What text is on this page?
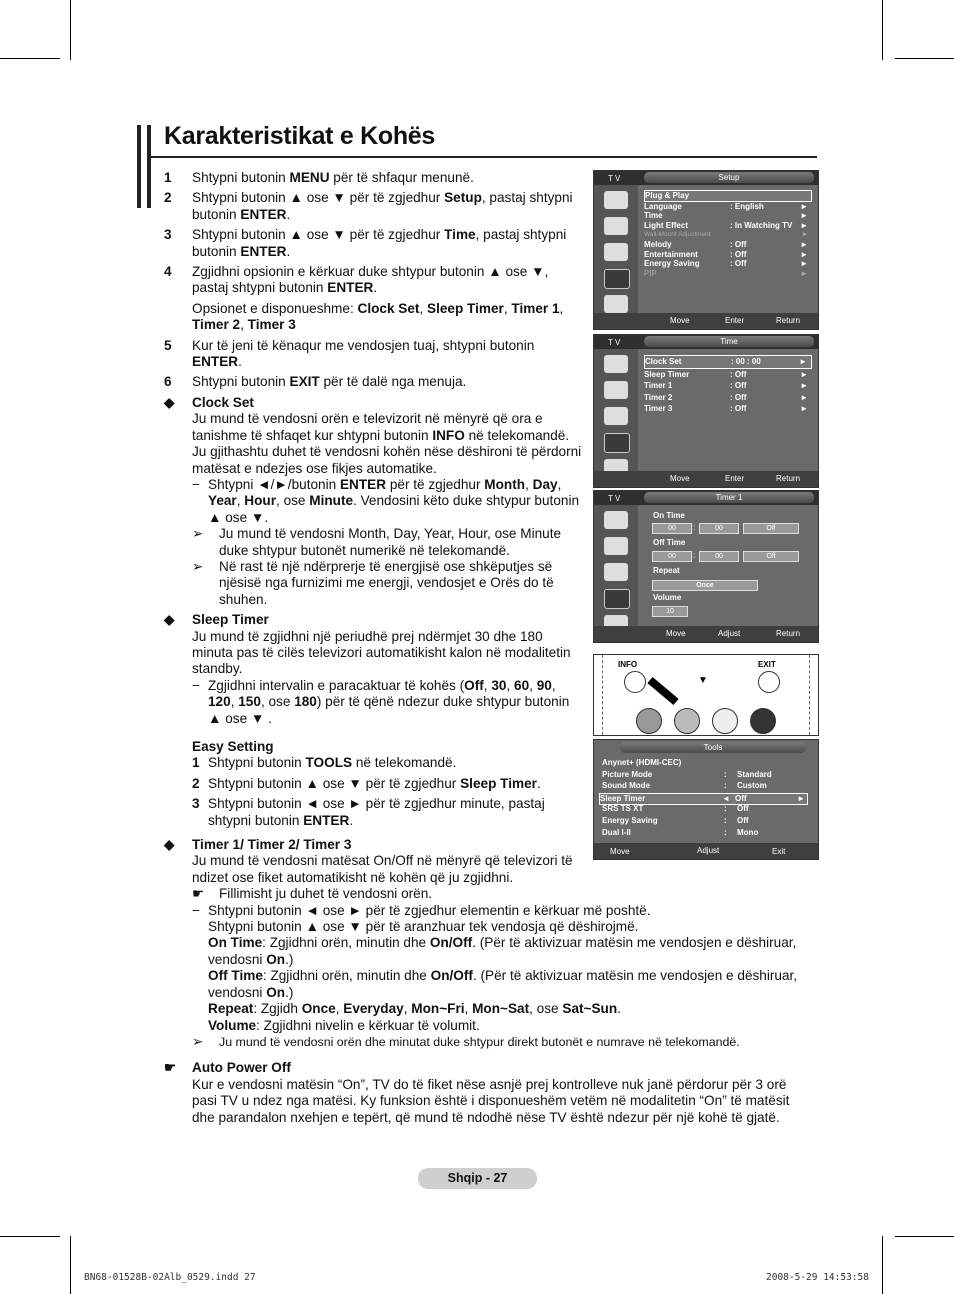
Karakteristikat e Kohës
1 Shtypni butonin MENU për të shfaqur menunë.
2 Shtypni butonin ▲ ose ▼ për të zgjedhur Setup, pastaj shtypni butonin ENTER.
3 Shtypni butonin ▲ ose ▼ për të zgjedhur Time, pastaj shtypni butonin ENTER.
4 Zgjidhni opsionin e kërkuar duke shtypur butonin ▲ ose ▼, pastaj shtypni butonin ENTER.
Opsionet e disponueshme: Clock Set, Sleep Timer, Timer 1, Timer 2, Timer 3
5 Kur të jeni të kënaqur me vendosjen tuaj, shtypni butonin ENTER.
6 Shtypni butonin EXIT për të dalë nga menuja.
◆ Clock Set
Ju mund të vendosni orën e televizorit në mënyrë që ora e tanishme të shfaqet kur shtypni butonin INFO në telekomandë. Ju gjithashtu duhet të vendosni kohën nëse dëshironi të përdorni matësat e ndezjes ose fikjes automatike.
− Shtypni ◄/►/butonin ENTER për të zgjedhur Month, Day, Year, Hour, ose Minute. Vendosini këto duke shtypur butonin ▲ ose ▼.
➢ Ju mund të vendosni Month, Day, Year, Hour, ose Minute duke shtypur butonët numerikë në telekomandë.
➢ Në rast të një ndërprerje të energjisë ose shkëputjes së njësisë nga furnizimi me energji, vendosjet e Orës do të shuhen.
◆ Sleep Timer
Ju mund të zgjidhni një periudhë prej ndërmjet 30 dhe 180 minuta pas të cilës televizori automatikisht kalon në modalitetin standby.
− Zgjidhni intervalin e paracaktuar të kohës (Off, 30, 60, 90, 120, 150, ose 180) për të qënë ndezur duke shtypur butonin ▲ ose ▼ .
Easy Setting
1 Shtypni butonin TOOLS në telekomandë.
2 Shtypni butonin ▲ ose ▼ për të zgjedhur Sleep Timer.
3 Shtypni butonin ◄ ose ► për të zgjedhur minute, pastaj shtypni butonin ENTER.
◆ Timer 1/ Timer 2/ Timer 3
Ju mund të vendosni matësat On/Off në mënyrë që televizori të ndizet ose fiket automatikisht në kohën që ju zgjidhni.
☛ Fillimisht ju duhet të vendosni orën.
− Shtypni butonin ◄ ose ► për të zgjedhur elementin e kërkuar më poshtë.
Shtypni butonin ▲ ose ▼ për të aranzhuar tek vendosja që dëshirojmë.
On Time: Zgjidhni orën, minutin dhe On/Off. (Për të aktivizuar matësin me vendosjen e dëshiruar, vendosni On.)
Off Time: Zgjidhni orën, minutin dhe On/Off. (Për të aktivizuar matësin me vendosjen e dëshiruar, vendosni On.)
Repeat: Zgjidh Once, Everyday, Mon~Fri, Mon~Sat, ose Sat~Sun.
Volume: Zgjidhni nivelin e kërkuar të volumit.
➢ Ju mund të vendosni orën dhe minutat duke shtypur direkt butonët e numrave në telekomandë.
☛ Auto Power Off
Kur e vendosni matësin “On”, TV do të fiket nëse asnjë prej kontrolleve nuk janë përdorur për 3 orë pasi TV u ndez nga matësi. Ky funksion është i disponueshëm vetëm në modalitetin “On” të matësit dhe parandalon nxehjen e tepërt, që mund të ndodhë nëse TV është ndezur për një kohë të gjatë.
T V	Setup
Plug & Play
Language	: English	►
Time	►
Light Effect	: In Watching TV ►
Wall-Mount Adjustment	►
Melody	: Off	►
Entertainment	: Off	►
Energy Saving	: Off	►
PIP	►
Move	Enter	Return
T V	Time
Clock Set	: 00 : 00	►
Sleep Timer	: Off	►
Timer 1	: Off	►
Timer 2	: Off	►
Timer 3	: Off	►
Move	Enter	Return
T V	Timer 1
On Time
00	:	00	Off
Off Time
00	:	00	Off
Repeat
Once
Volume
10
Move	Adjust	Return
INFO	EXIT
▼
Tools
Anynet+ (HDMI-CEC)
Picture Mode	: Standard
Sound Mode	: Custom
Sleep Timer	◄ Off	►
SRS TS XT	: Off
Energy Saving	: Off
Dual l-ll	: Mono
Move	Adjust	Exit
Shqip - 27
BN68-01528B-02Alb_0529.indd 27	2008-5-29 14:53:58
